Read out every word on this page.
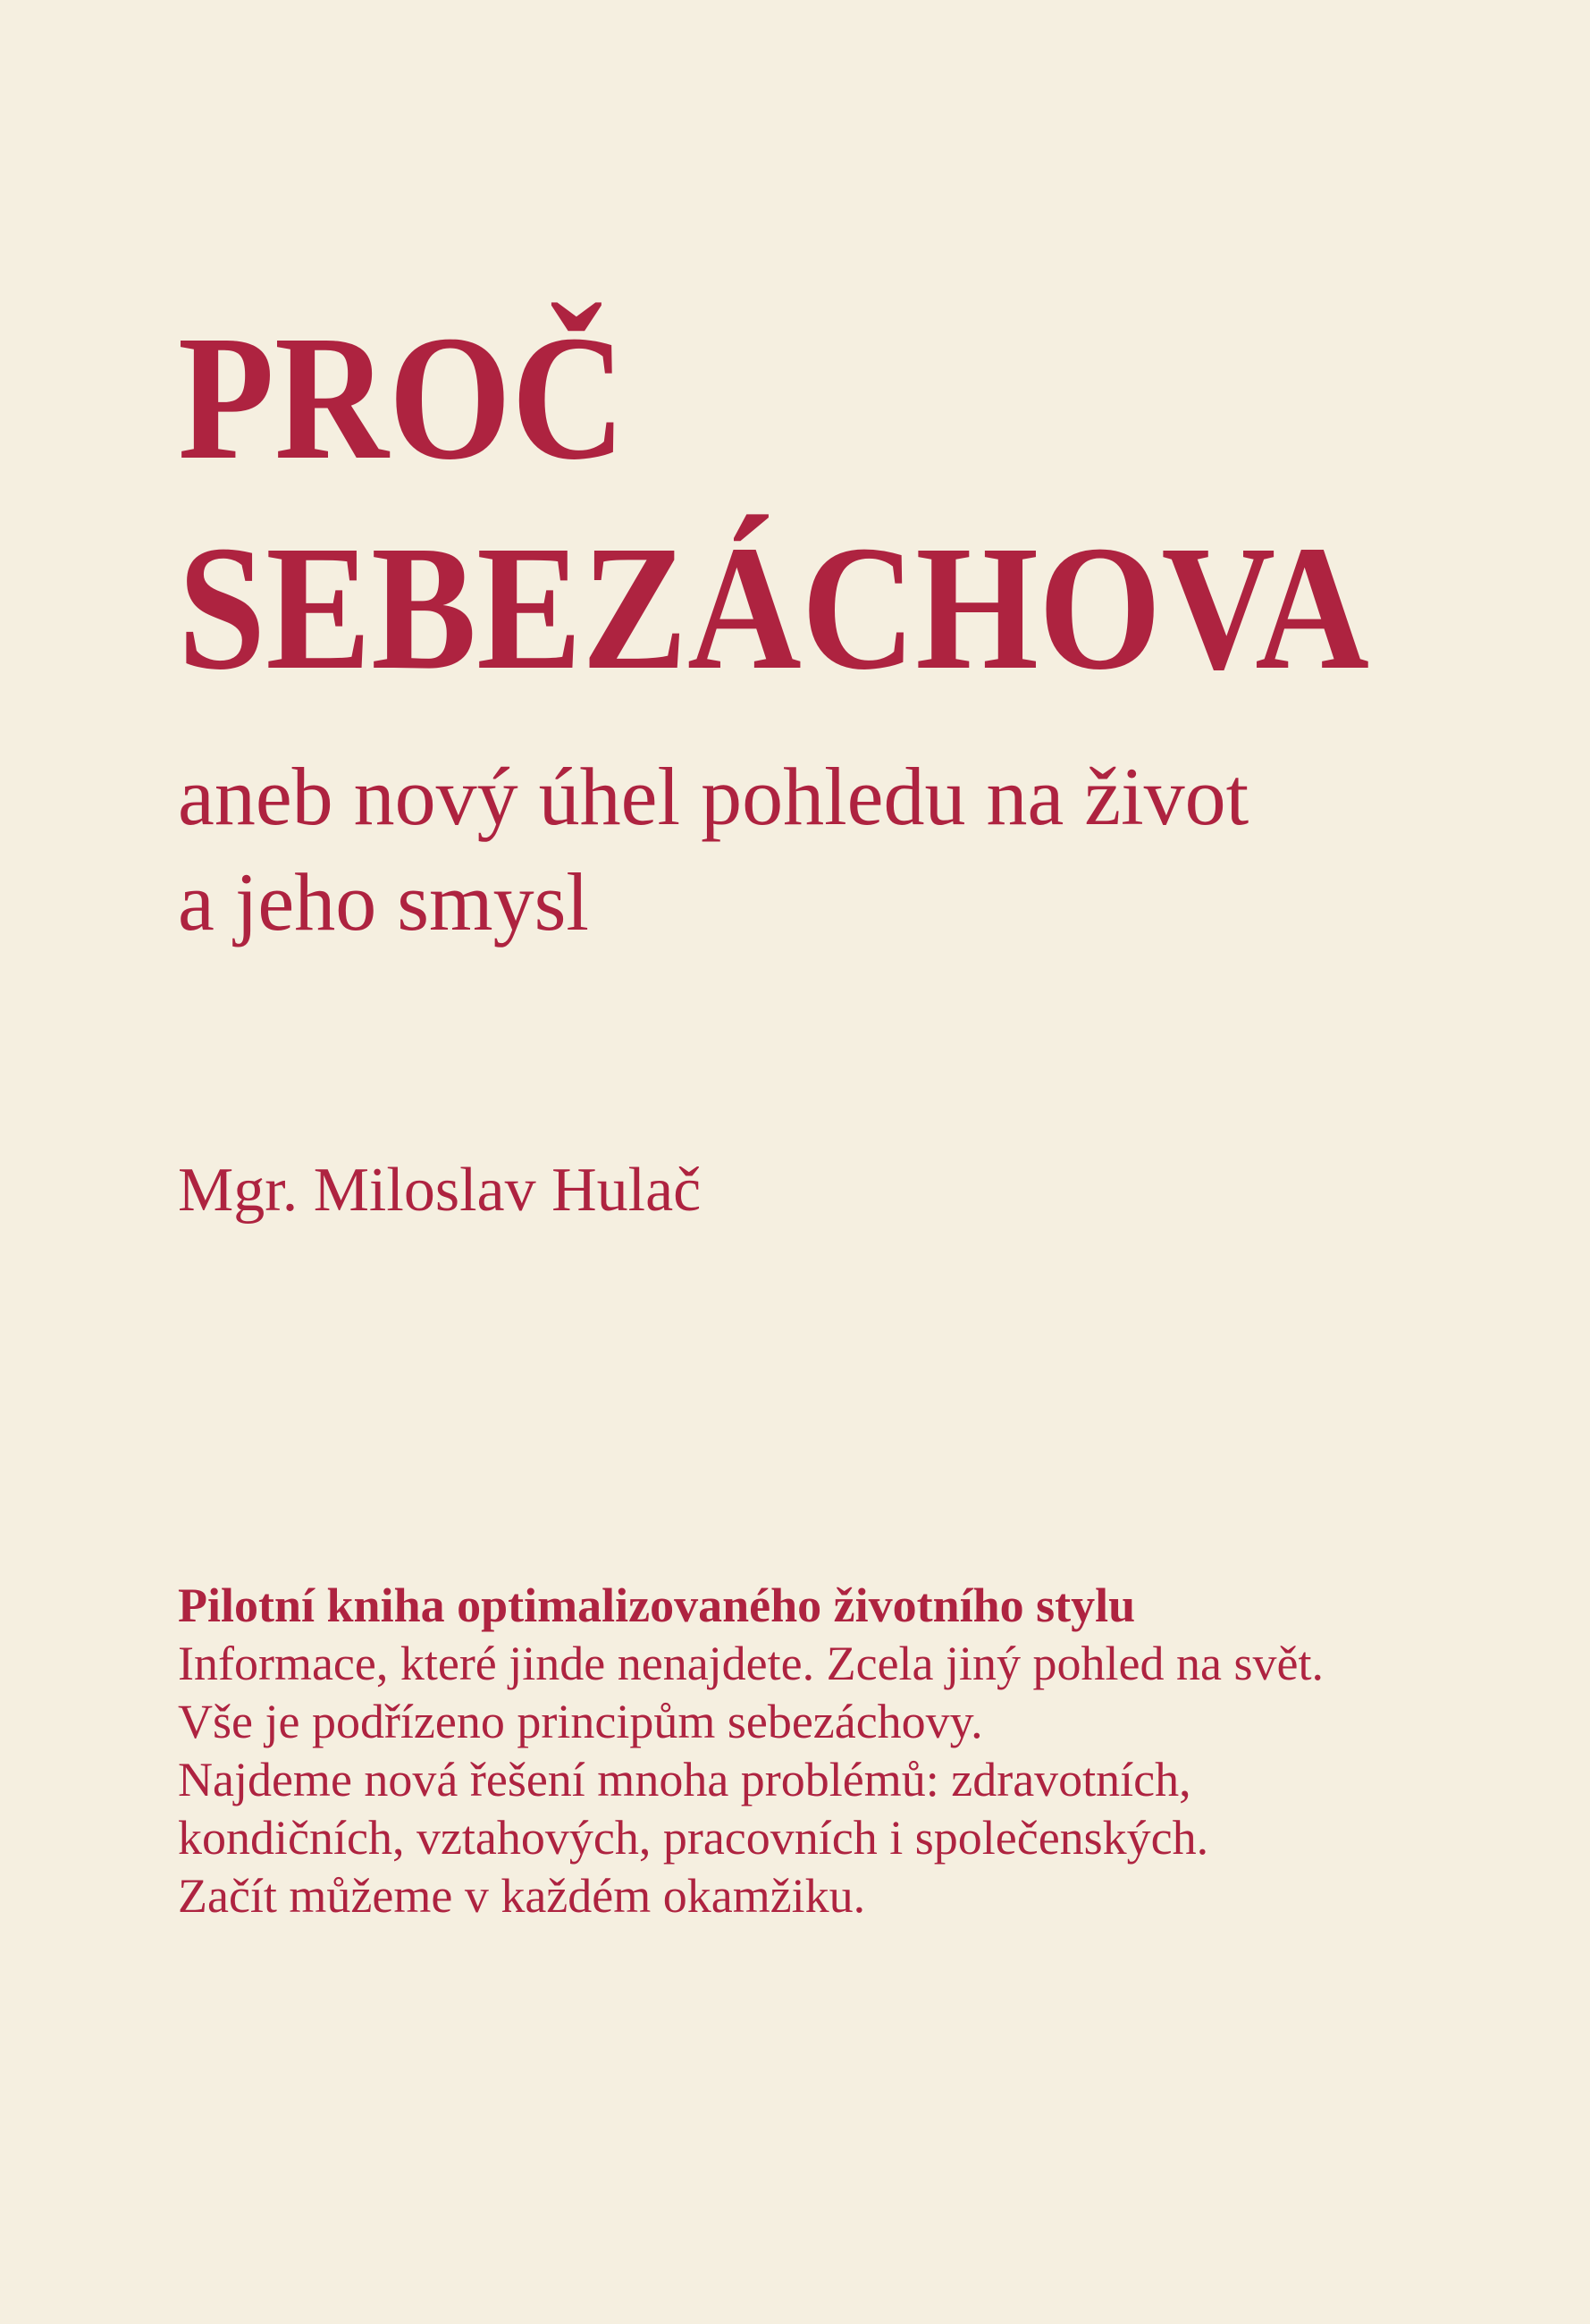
PROČ
SEBEZÁCHOVA
aneb nový úhel pohledu na život
a jeho smysl
Mgr. Miloslav Hulač
Pilotní kniha optimalizovaného životního stylu
Informace, které jinde nenajdete. Zcela jiný pohled na svět.
Vše je podřízeno principům sebezáchovy.
Najdeme nová řešení mnoha problémů: zdravotních,
kondičních, vztahových, pracovních i společenských.
Začít můžeme v každém okamžiku.
